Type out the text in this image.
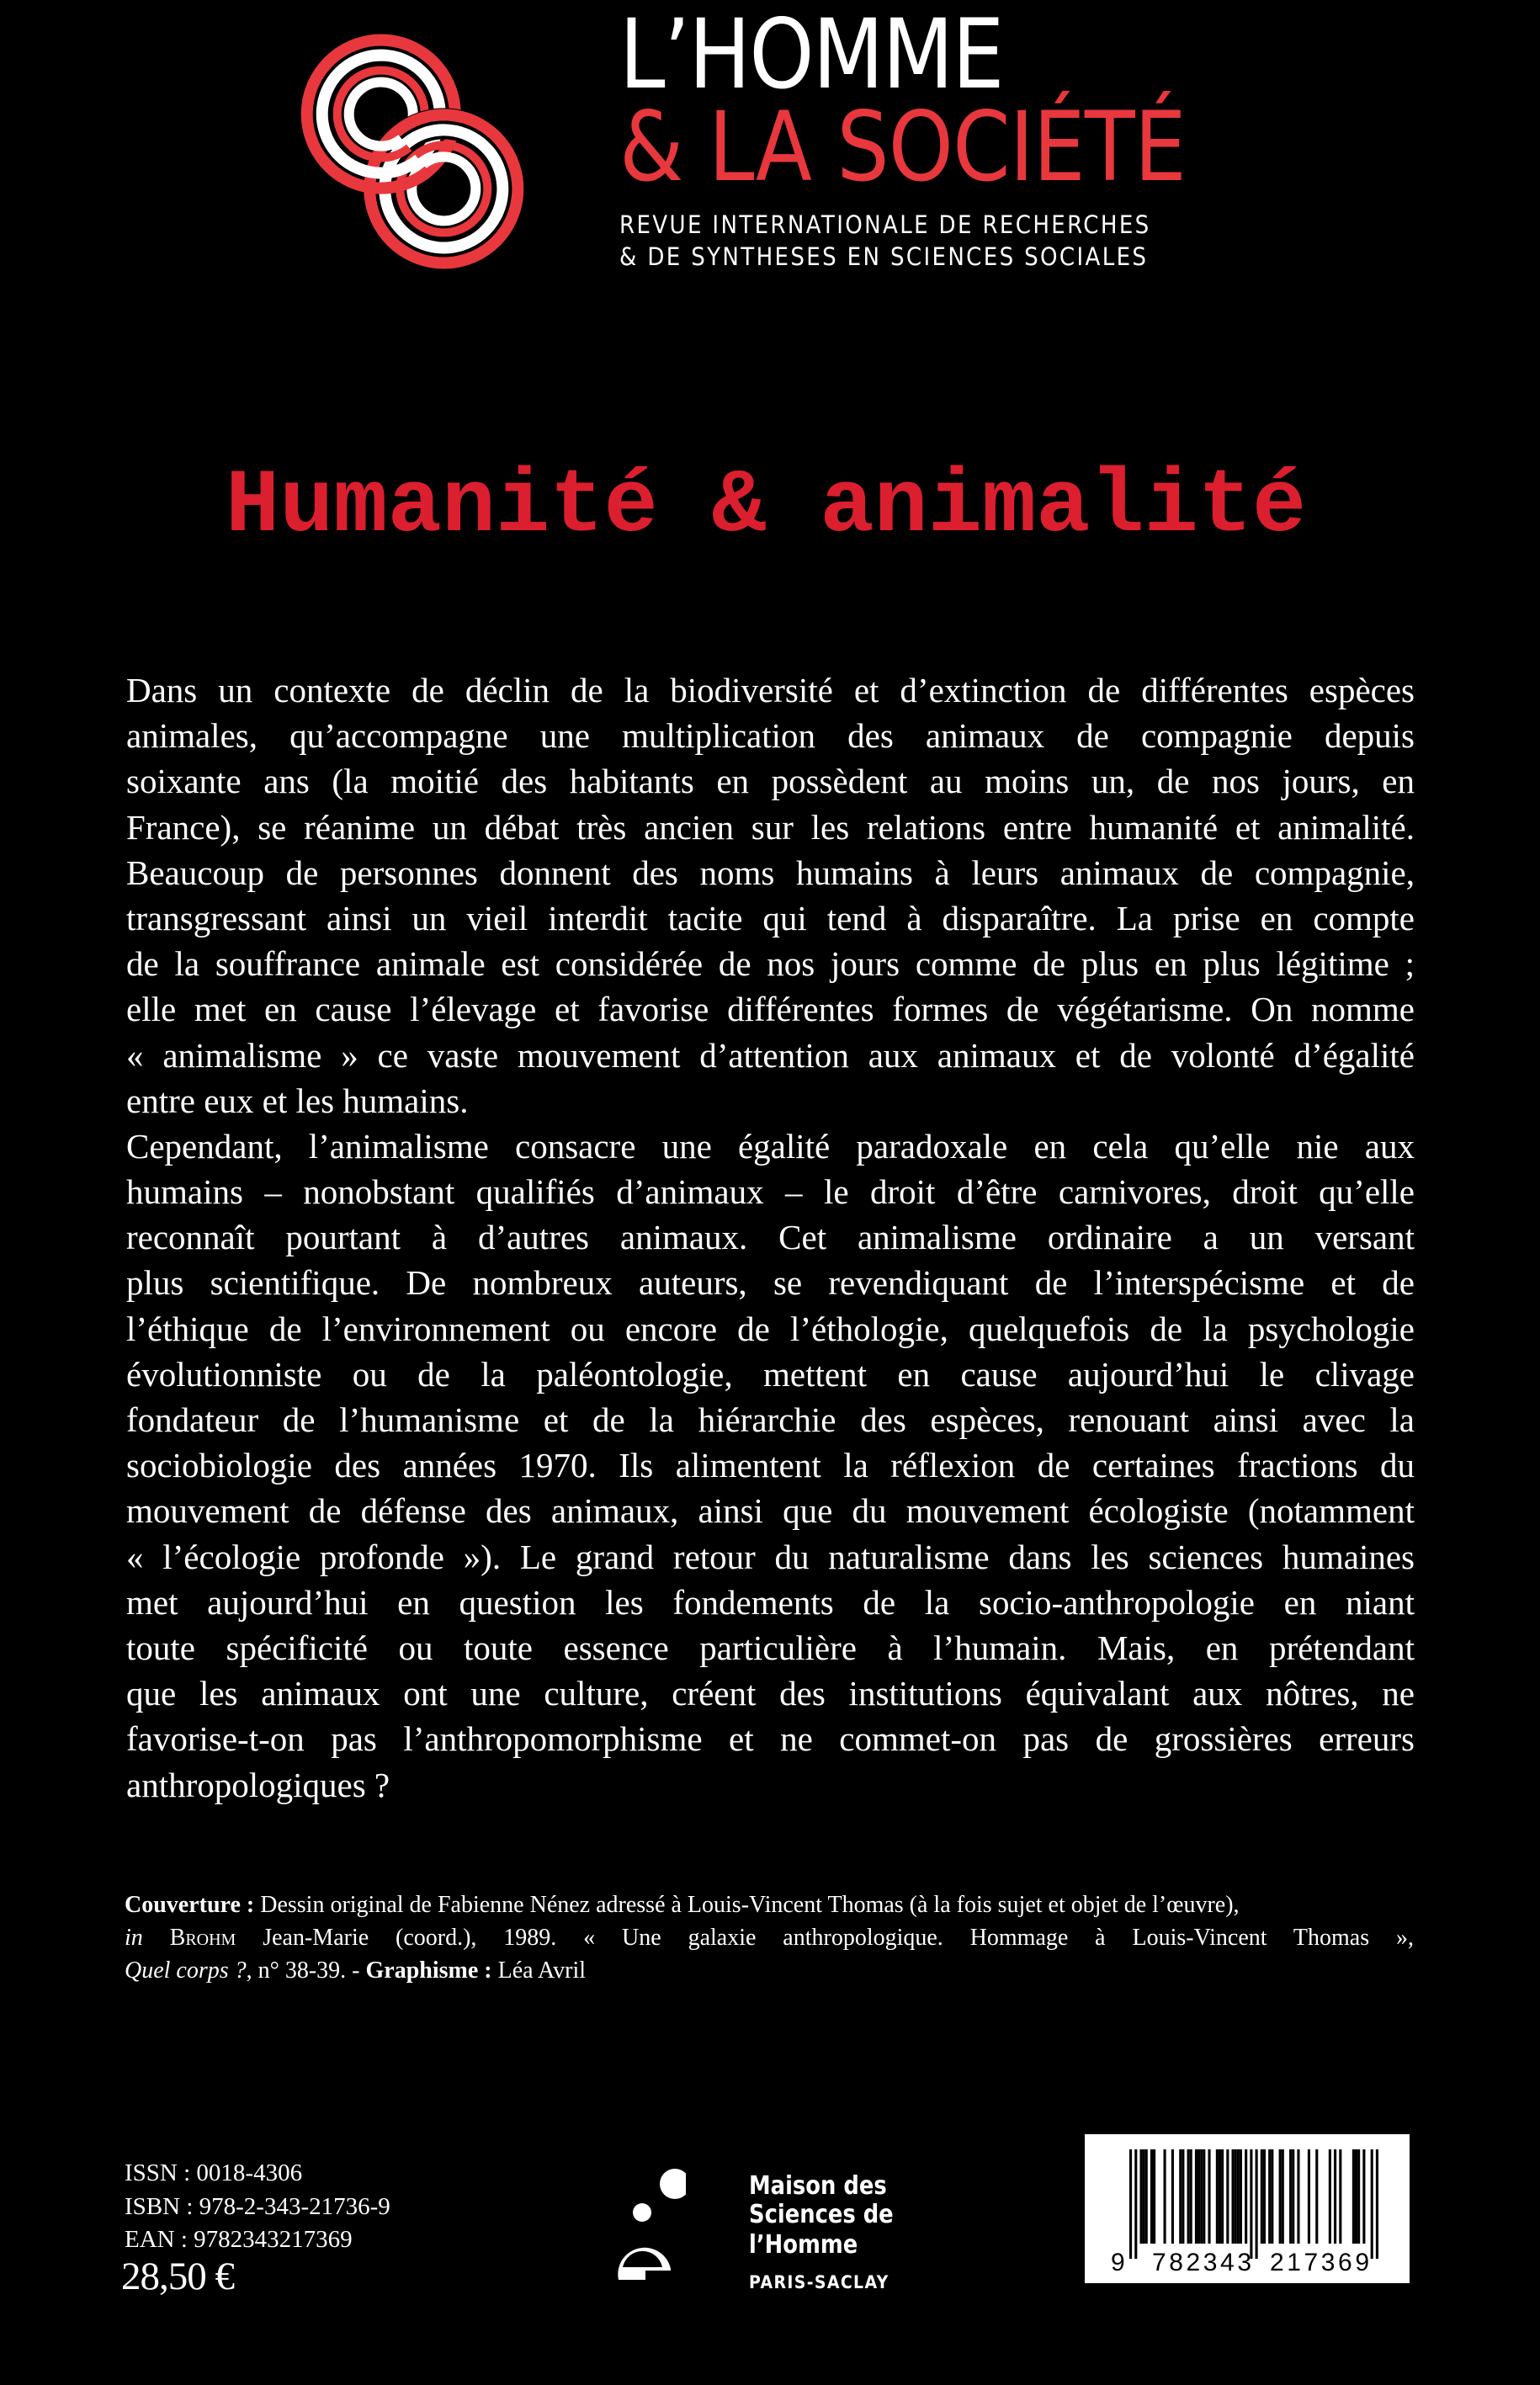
L’HOMME
& LA SOCIÉTÉ
REVUE INTERNATIONALE DE RECHERCHES
& DE SYNTHESES EN SCIENCES SOCIALES
Humanité & animalité
Dans un contexte de déclin de la biodiversité et d’extinction de différentes espèces
animales, qu’accompagne une multiplication des animaux de compagnie depuis
soixante ans (la moitié des habitants en possèdent au moins un, de nos jours, en
France), se réanime un débat très ancien sur les relations entre humanité et animalité.
Beaucoup de personnes donnent des noms humains à leurs animaux de compagnie,
transgressant ainsi un vieil interdit tacite qui tend à disparaître. La prise en compte
de la souffrance animale est considérée de nos jours comme de plus en plus légitime ;
elle met en cause l’élevage et favorise différentes formes de végétarisme. On nomme
« animalisme » ce vaste mouvement d’attention aux animaux et de volonté d’égalité
entre eux et les humains.
Cependant, l’animalisme consacre une égalité paradoxale en cela qu’elle nie aux
humains – nonobstant qualifiés d’animaux – le droit d’être carnivores, droit qu’elle
reconnaît pourtant à d’autres animaux. Cet animalisme ordinaire a un versant
plus scientifique. De nombreux auteurs, se revendiquant de l’interspécisme et de
l’éthique de l’environnement ou encore de l’éthologie, quelquefois de la psychologie
évolutionniste ou de la paléontologie, mettent en cause aujourd’hui le clivage
fondateur de l’humanisme et de la hiérarchie des espèces, renouant ainsi avec la
sociobiologie des années 1970. Ils alimentent la réflexion de certaines fractions du
mouvement de défense des animaux, ainsi que du mouvement écologiste (notamment
« l’écologie profonde »). Le grand retour du naturalisme dans les sciences humaines
met aujourd’hui en question les fondements de la socio-anthropologie en niant
toute spécificité ou toute essence particulière à l’humain. Mais, en prétendant
que les animaux ont une culture, créent des institutions équivalant aux nôtres, ne
favorise-t-on pas l’anthropomorphisme et ne commet-on pas de grossières erreurs
anthropologiques ?
Couverture : Dessin original de Fabienne Nénez adressé à Louis-Vincent Thomas (à la fois sujet et objet de l’œuvre),
in Brohm Jean-Marie (coord.), 1989. « Une galaxie anthropologique. Hommage à Louis-Vincent Thomas »,
Quel corps ?, n° 38-39. - Graphisme : Léa Avril
ISSN : 0018-4306
ISBN : 978-2-343-21736-9
EAN : 9782343217369
28,50 €
Maison des
Sciences de
l’Homme
PARIS-SACLAY
9 782343 217369
